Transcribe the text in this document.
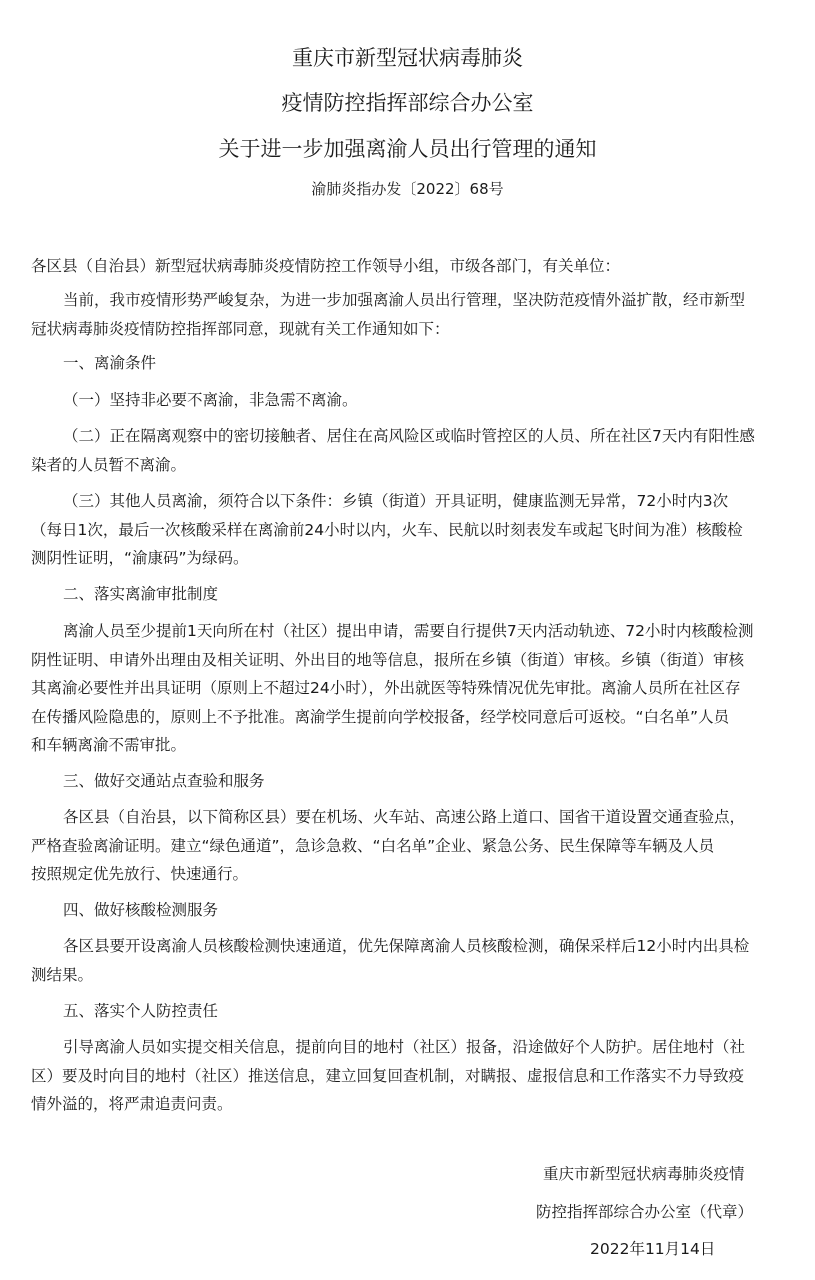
重庆市新型冠状病毒肺炎
疫情防控指挥部综合办公室
关于进一步加强离渝人员出行管理的通知
渝肺炎指办发〔2022〕68号
各区县（自治县）新型冠状病毒肺炎疫情防控工作领导小组，市级各部门，有关单位：
当前，我市疫情形势严峻复杂，为进一步加强离渝人员出行管理，坚决防范疫情外溢扩散，经市新型
冠状病毒肺炎疫情防控指挥部同意，现就有关工作通知如下：
一、离渝条件
（一）坚持非必要不离渝，非急需不离渝。
（二）正在隔离观察中的密切接触者、居住在高风险区或临时管控区的人员、所在社区7天内有阳性感
染者的人员暂不离渝。
（三）其他人员离渝，须符合以下条件：乡镇（街道）开具证明，健康监测无异常，72小时内3次
（每日1次，最后一次核酸采样在离渝前24小时以内，火车、民航以时刻表发车或起飞时间为准）核酸检
测阴性证明，“渝康码”为绿码。
二、落实离渝审批制度
离渝人员至少提前1天向所在村（社区）提出申请，需要自行提供7天内活动轨迹、72小时内核酸检测
阴性证明、申请外出理由及相关证明、外出目的地等信息，报所在乡镇（街道）审核。乡镇（街道）审核
其离渝必要性并出具证明（原则上不超过24小时），外出就医等特殊情况优先审批。离渝人员所在社区存
在传播风险隐患的，原则上不予批准。离渝学生提前向学校报备，经学校同意后可返校。“白名单”人员
和车辆离渝不需审批。
三、做好交通站点查验和服务
各区县（自治县，以下简称区县）要在机场、火车站、高速公路上道口、国省干道设置交通查验点，
严格查验离渝证明。建立“绿色通道”，急诊急救、“白名单”企业、紧急公务、民生保障等车辆及人员
按照规定优先放行、快速通行。
四、做好核酸检测服务
各区县要开设离渝人员核酸检测快速通道，优先保障离渝人员核酸检测，确保采样后12小时内出具检
测结果。
五、落实个人防控责任
引导离渝人员如实提交相关信息，提前向目的地村（社区）报备，沿途做好个人防护。居住地村（社
区）要及时向目的地村（社区）推送信息，建立回复回查机制，对瞒报、虚报信息和工作落实不力导致疫
情外溢的，将严肃追责问责。
重庆市新型冠状病毒肺炎疫情
防控指挥部综合办公室（代章）
2022年11月14日
